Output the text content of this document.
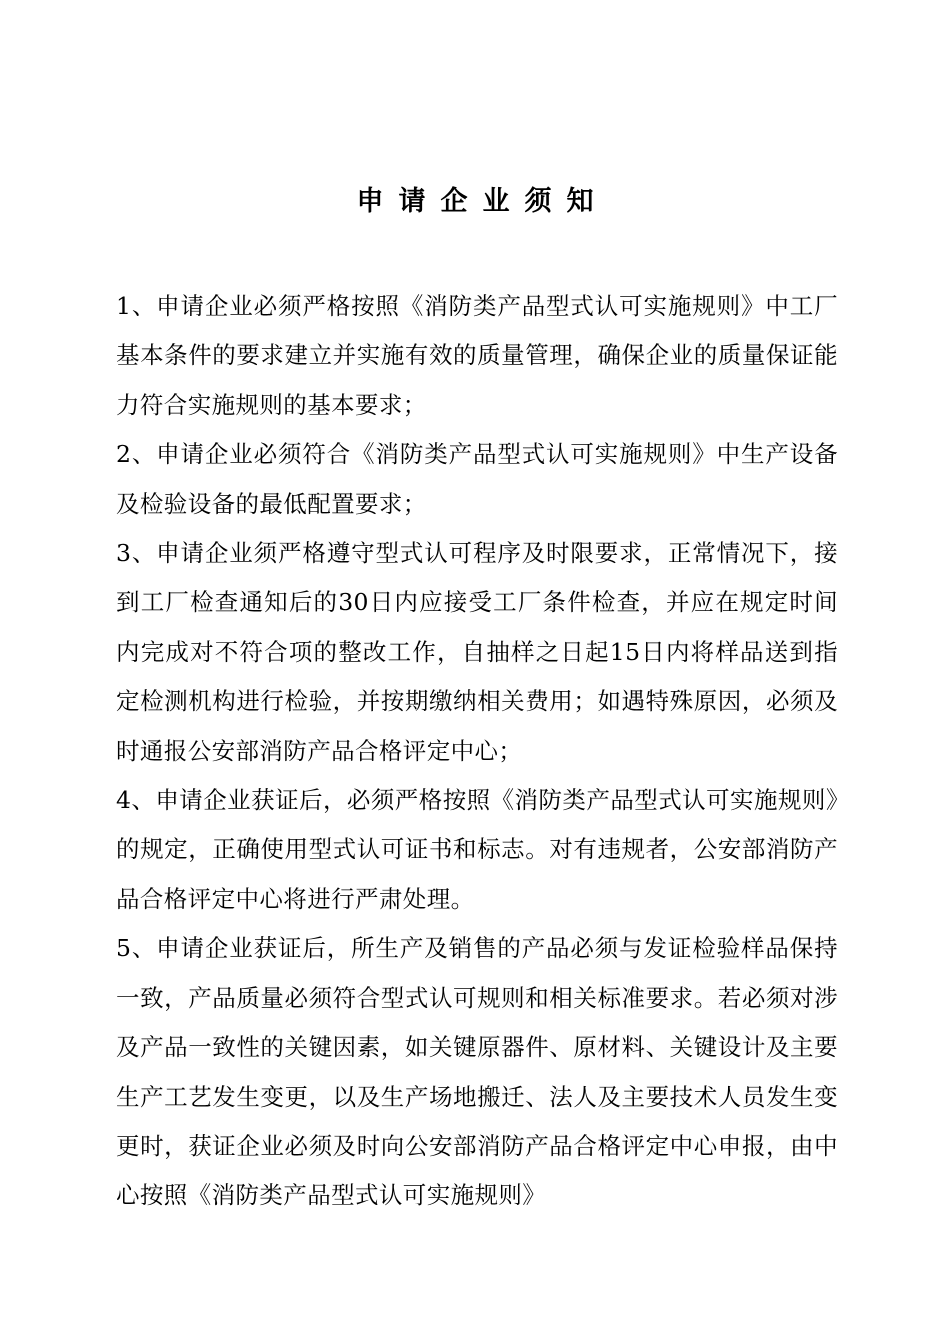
申请企业须知

1、申请企业必须严格按照《消防类产品型式认可实施规则》中工厂基本条件的要求建立并实施有效的质量管理，确保企业的质量保证能力符合实施规则的基本要求；

2、申请企业必须符合《消防类产品型式认可实施规则》中生产设备及检验设备的最低配置要求；

3、申请企业须严格遵守型式认可程序及时限要求，正常情况下，接到工厂检查通知后的30日内应接受工厂条件检查，并应在规定时间内完成对不符合项的整改工作，自抽样之日起15日内将样品送到指定检测机构进行检验，并按期缴纳相关费用；如遇特殊原因，必须及时通报公安部消防产品合格评定中心；

4、申请企业获证后，必须严格按照《消防类产品型式认可实施规则》的规定，正确使用型式认可证书和标志。对有违规者，公安部消防产品合格评定中心将进行严肃处理。

5、申请企业获证后，所生产及销售的产品必须与发证检验样品保持一致，产品质量必须符合型式认可规则和相关标准要求。若必须对涉及产品一致性的关键因素，如关键原器件、原材料、关键设计及主要生产工艺发生变更，以及生产场地搬迁、法人及主要技术人员发生变更时，获证企业必须及时向公安部消防产品合格评定中心申报，由中心按照《消防类产品型式认可实施规则》
